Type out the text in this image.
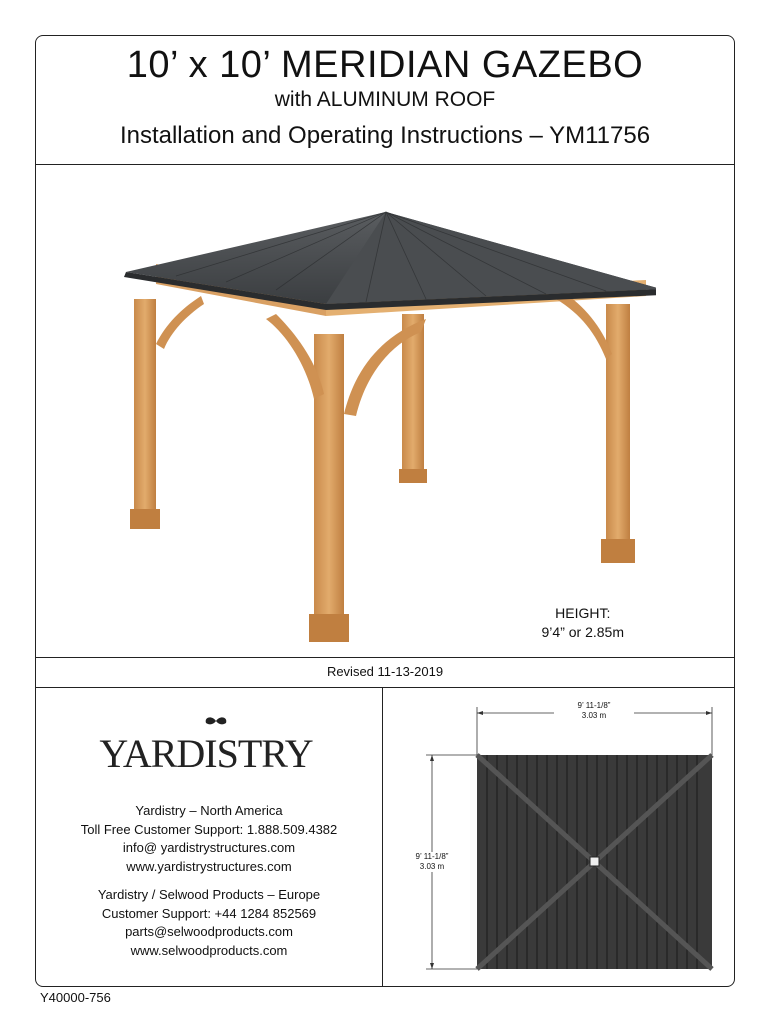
10’ x 10’ MERIDIAN GAZEBO
with ALUMINUM ROOF
Installation and Operating Instructions – YM11756
HEIGHT:
9’4” or 2.85m
Revised 11-13-2019
YARDISTRY
Yardistry – North America
Toll Free Customer Support: 1.888.509.4382
info@ yardistrystructures.com
www.yardistrystructures.com
Yardistry / Selwood Products – Europe
Customer Support: +44 1284 852569
parts@selwoodproducts.com
www.selwoodproducts.com
9’ 11-1/8”
3.03 m
9’ 11-1/8”
3.03 m
Y40000-756
